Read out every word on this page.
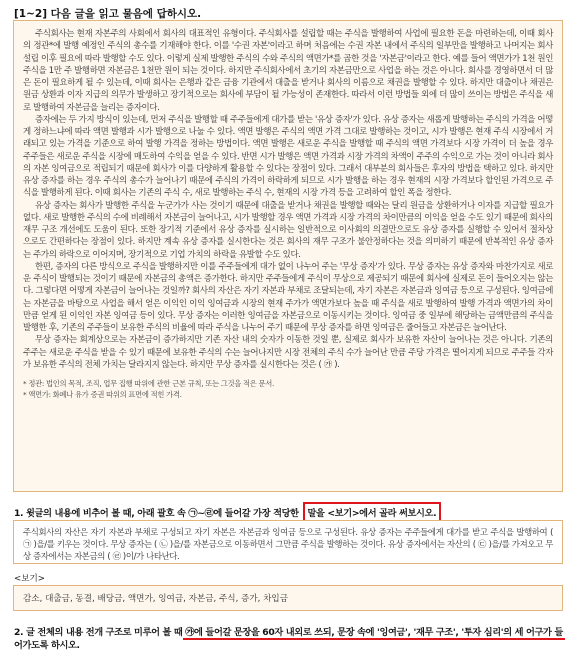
[1~2] 다음 글을 읽고 물음에 답하시오.

주식회사는 현재 자본주의 사회에서 회사의 대표적인 유형이다. 주식회사를 설립할 때는 주식을 발행하여 사업에 필요한 돈을 마련하는데, 이때 회사의 정관*에 발행 예정인 주식의 총수를 기재해야 한다. 이를 '수권 자본'이라고 하며 처음에는 수권 자본 내에서 주식의 일부만을 발행하고 나머지는 회사 설립 이후 필요에 따라 발행할 수도 있다. 이렇게 실제 발행한 주식의 수와 주식의 액면가*를 곱한 것을 '자본금'이라고 한다. 예를 들어 액면가가 1천 원인 주식을 1만 주 발행하면 자본금은 1천만 원이 되는 것이다. 하지만 주식회사에서 초기의 자본금만으로 사업을 하는 것은 아니다. 회사를 경영하면서 더 많은 돈이 필요하게 될 수 있는데, 이때 회사는 은행과 같은 금융 기관에서 대출을 받거나 회사의 이름으로 채권을 발행할 수 있다. 하지만 대출이나 채권은 원금 상환과 이자 지급의 의무가 발생하고 장기적으로는 회사에 부담이 될 가능성이 존재한다. 따라서 이런 방법들 외에 더 많이 쓰이는 방법은 주식을 새로 발행하여 자본금을 늘리는 증자이다.

증자에는 두 가지 방식이 있는데, 먼저 주식을 발행할 때 주주들에게 대가를 받는 '유상 증자'가 있다. 유상 증자는 새롭게 발행하는 주식의 가격을 어떻게 정하느냐에 따라 액면 발행과 시가 발행으로 나눌 수 있다. 액면 발행은 주식의 액면 가격 그대로 발행하는 것이고, 시가 발행은 현재 주식 시장에서 거래되고 있는 가격을 기준으로 하여 발행 가격을 정하는 방법이다. 액면 발행은 새로운 주식을 발행할 때 주식의 액면 가격보다 시장 가격이 더 높을 경우 주주들은 새로운 주식을 시장에 매도하여 수익을 얻을 수 있다. 반면 시가 발행은 액면 가격과 시장 가격의 차액이 주주의 수익으로 가는 것이 아니라 회사의 자본 잉여금으로 적립되기 때문에 회사가 이를 다양하게 활용할 수 있다는 장점이 있다. 그래서 대부분의 회사들은 후자의 방법을 택하고 있다. 하지만 유상 증자를 하는 경우 주식의 총수가 늘어나기 때문에 주식의 가격이 하락하게 되므로 시가 발행을 하는 경우 현재의 시장 가격보다 할인된 가격으로 주식을 발행하게 된다. 이때 회사는 기존의 주식 수, 새로 발행하는 주식 수, 현재의 시장 가격 등을 고려하여 할인 폭을 정한다.

유상 증자는 회사가 발행한 주식을 누군가가 사는 것이기 때문에 대출을 받거나 채권을 발행할 때와는 달리 원금을 상환하거나 이자를 지급할 필요가 없다. 새로 발행한 주식의 수에 비례해서 자본금이 늘어나고, 시가 발행할 경우 액면 가격과 시장 가격의 차이만큼의 이익을 얻을 수도 있기 때문에 회사의 재무 구조 개선에도 도움이 된다. 또한 장기적 기준에서 유상 증자를 실시하는 일반적으로 이사회의 의결만으로도 유상 증자를 실행할 수 있어서 절차상으로도 간편하다는 장점이 있다. 하지만 계속 유상 증자를 실시한다는 것은 회사의 재무 구조가 불안정하다는 것을 의미하기 때문에 반복적인 유상 증자는 주가의 하락으로 이어지며, 장기적으로 기업 가치의 하락을 유발할 수도 있다.

한편, 증자의 다른 방식으로 주식을 발행하지만 이를 주주들에게 대가 없이 나누어 주는 '무상 증자'가 있다. 무상 증자는 유상 증자와 마찬가지로 새로운 주식이 발행되는 것이기 때문에 자본금의 총액은 증가한다. 하지만 주주들에게 주식이 무상으로 제공되기 때문에 회사에 실제로 돈이 들어오지는 않는다. 그렇다면 어떻게 자본금이 늘어나는 것일까? 회사의 자산은 자기 자본과 부채로 조달되는데, 자기 자본은 자본금과 잉여금 등으로 구성된다. 잉여금에는 자본금을 바탕으로 사업을 해서 얻은 이익인 이익 잉여금과 시장의 현재 주가가 액면가보다 높을 때 주식을 새로 발행하여 발행 가격과 액면가의 차이만큼 얻게 된 이익인 자본 잉여금 등이 있다. 무상 증자는 이러한 잉여금을 자본금으로 이동시키는 것이다. 잉여금 중 일부에 해당하는 금액만큼의 주식을 발행한 후, 기존의 주주들이 보유한 주식의 비율에 따라 주식을 나누어 주기 때문에 무상 증자를 하면 잉여금은 줄어들고 자본금은 늘어난다.

무상 증자는 회계상으로는 자본금이 증가하지만 기존 자산 내의 숫자가 이동한 것일 뿐, 실제로 회사가 보유한 자산이 늘어나는 것은 아니다. 기존의 주주는 새로운 주식을 받을 수 있기 때문에 보유한 주식의 수는 늘어나지만 시장 전체의 주식 수가 늘어난 만큼 주당 가격은 떨어지게 되므로 주주들 각자가 보유한 주식의 전체 가치는 달라지지 않는다. 하지만 무상 증자를 실시한다는 것은 ( ㉮ ).

* 정관: 법인의 목적, 조직, 업무 집행 따위에 관한 근본 규칙, 또는 그것을 적은 문서.

* 액면가: 화폐나 유가 증권 따위의 표면에 적힌 가격.

1. 윗글의 내용에 비추어 볼 때, 아래 괄호 속 ㉠~㉣에 들어갈 가장 적당한 말을 <보기>에서 골라 써보시오.

주식회사의 자산은 자기 자본과 부채로 구성되고 자기 자본은 자본금과 잉여금 등으로 구성된다. 유상 증자는 주주들에게 대가를 받고 주식을 발행하여 ( ㉠ )을/를 키우는 것이다. 무상 증자는 ( ㉡ )을/를 자본금으로 이동하면서 그만큼 주식을 발행하는 것이다. 유상 증자에서는 자산의 ( ㉢ )을/를 가져오고 무상 증자에서는 자본금의 ( ㉣ )이/가 나타난다.

<보기>
감소, 대출금, 동결, 배당금, 액면가, 잉여금, 자본금, 주식, 증가, 차입금
2. 글 전체의 내용 전개 구조로 미루어 볼 때 ㉮에 들어갈 문장을 60자 내외로 쓰되, 문장 속에 '잉여금', '재무 구조', '투자 심리'의 세 어구가 들어가도록 하시오.
